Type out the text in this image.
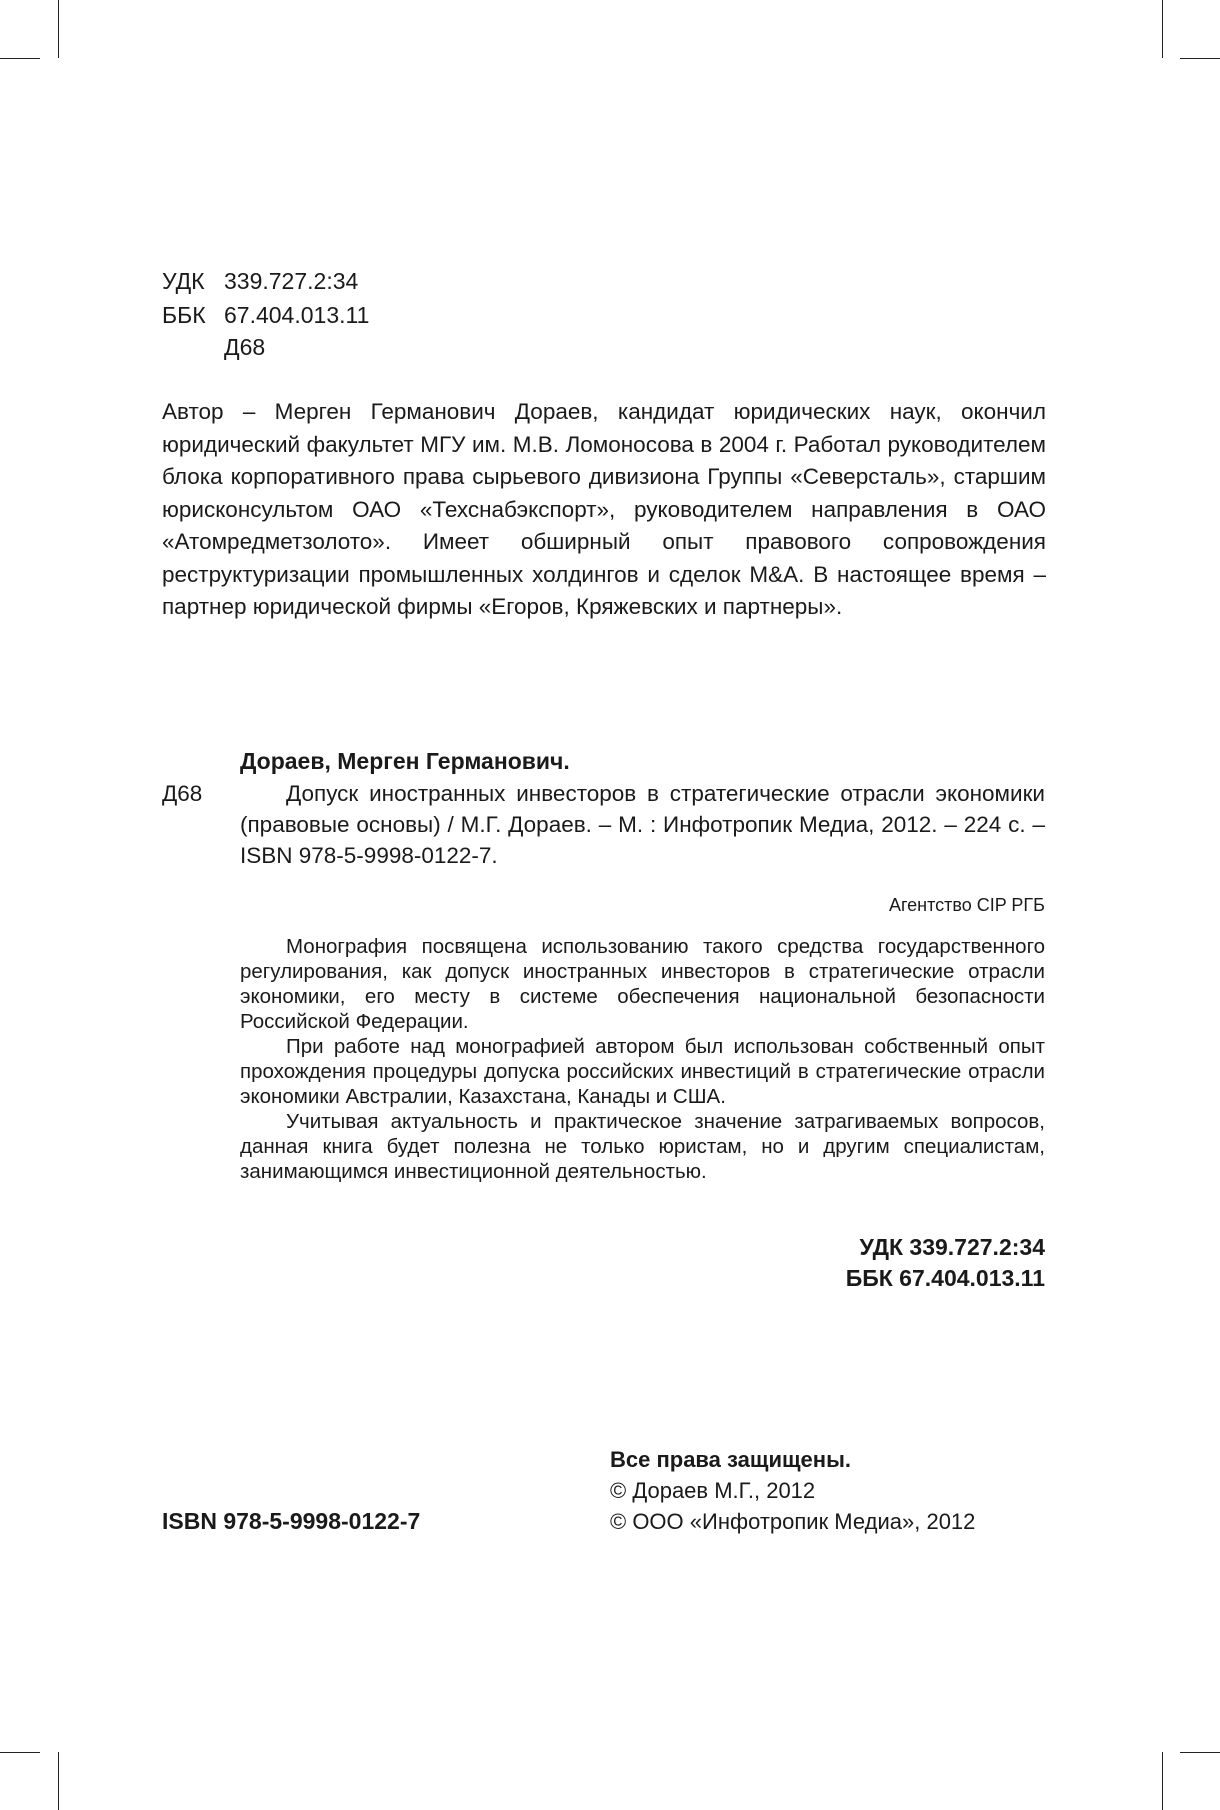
УДК 339.727.2:34
ББК 67.404.013.11
Д68

Автор – Мерген Германович Дораев, кандидат юридических наук, окончил юридический факультет МГУ им. М.В. Ломоносова в 2004 г. Работал руководителем блока корпоративного права сырьевого дивизиона Группы «Северсталь», старшим юрисконсультом ОАО «Техснабэкспорт», руководителем направления в ОАО «Атомредметзолото». Имеет обширный опыт правового сопровождения реструктуризации промышленных холдингов и сделок M&A. В настоящее время – партнер юридической фирмы «Егоров, Кряжевских и партнеры».

Дораев, Мерген Германович.
Д68	Допуск иностранных инвесторов в стратегические отрасли экономики (правовые основы) / М.Г. Дораев. – М. : Инфотропик Медиа, 2012. – 224 с. – ISBN 978-5-9998-0122-7.

Агентство CIP РГБ

Монография посвящена использованию такого средства государственного регулирования, как допуск иностранных инвесторов в стратегические отрасли экономики, его месту в системе обеспечения национальной безопасности Российской Федерации.

При работе над монографией автором был использован собственный опыт прохождения процедуры допуска российских инвестиций в стратегические отрасли экономики Австралии, Казахстана, Канады и США.

Учитывая актуальность и практическое значение затрагиваемых вопросов, данная книга будет полезна не только юристам, но и другим специалистам, занимающимся инвестиционной деятельностью.

УДК 339.727.2:34
ББК 67.404.013.11
Все права защищены.
© Дораев М.Г., 2012
© ООО «Инфотропик Медиа», 2012
ISBN 978-5-9998-0122-7
